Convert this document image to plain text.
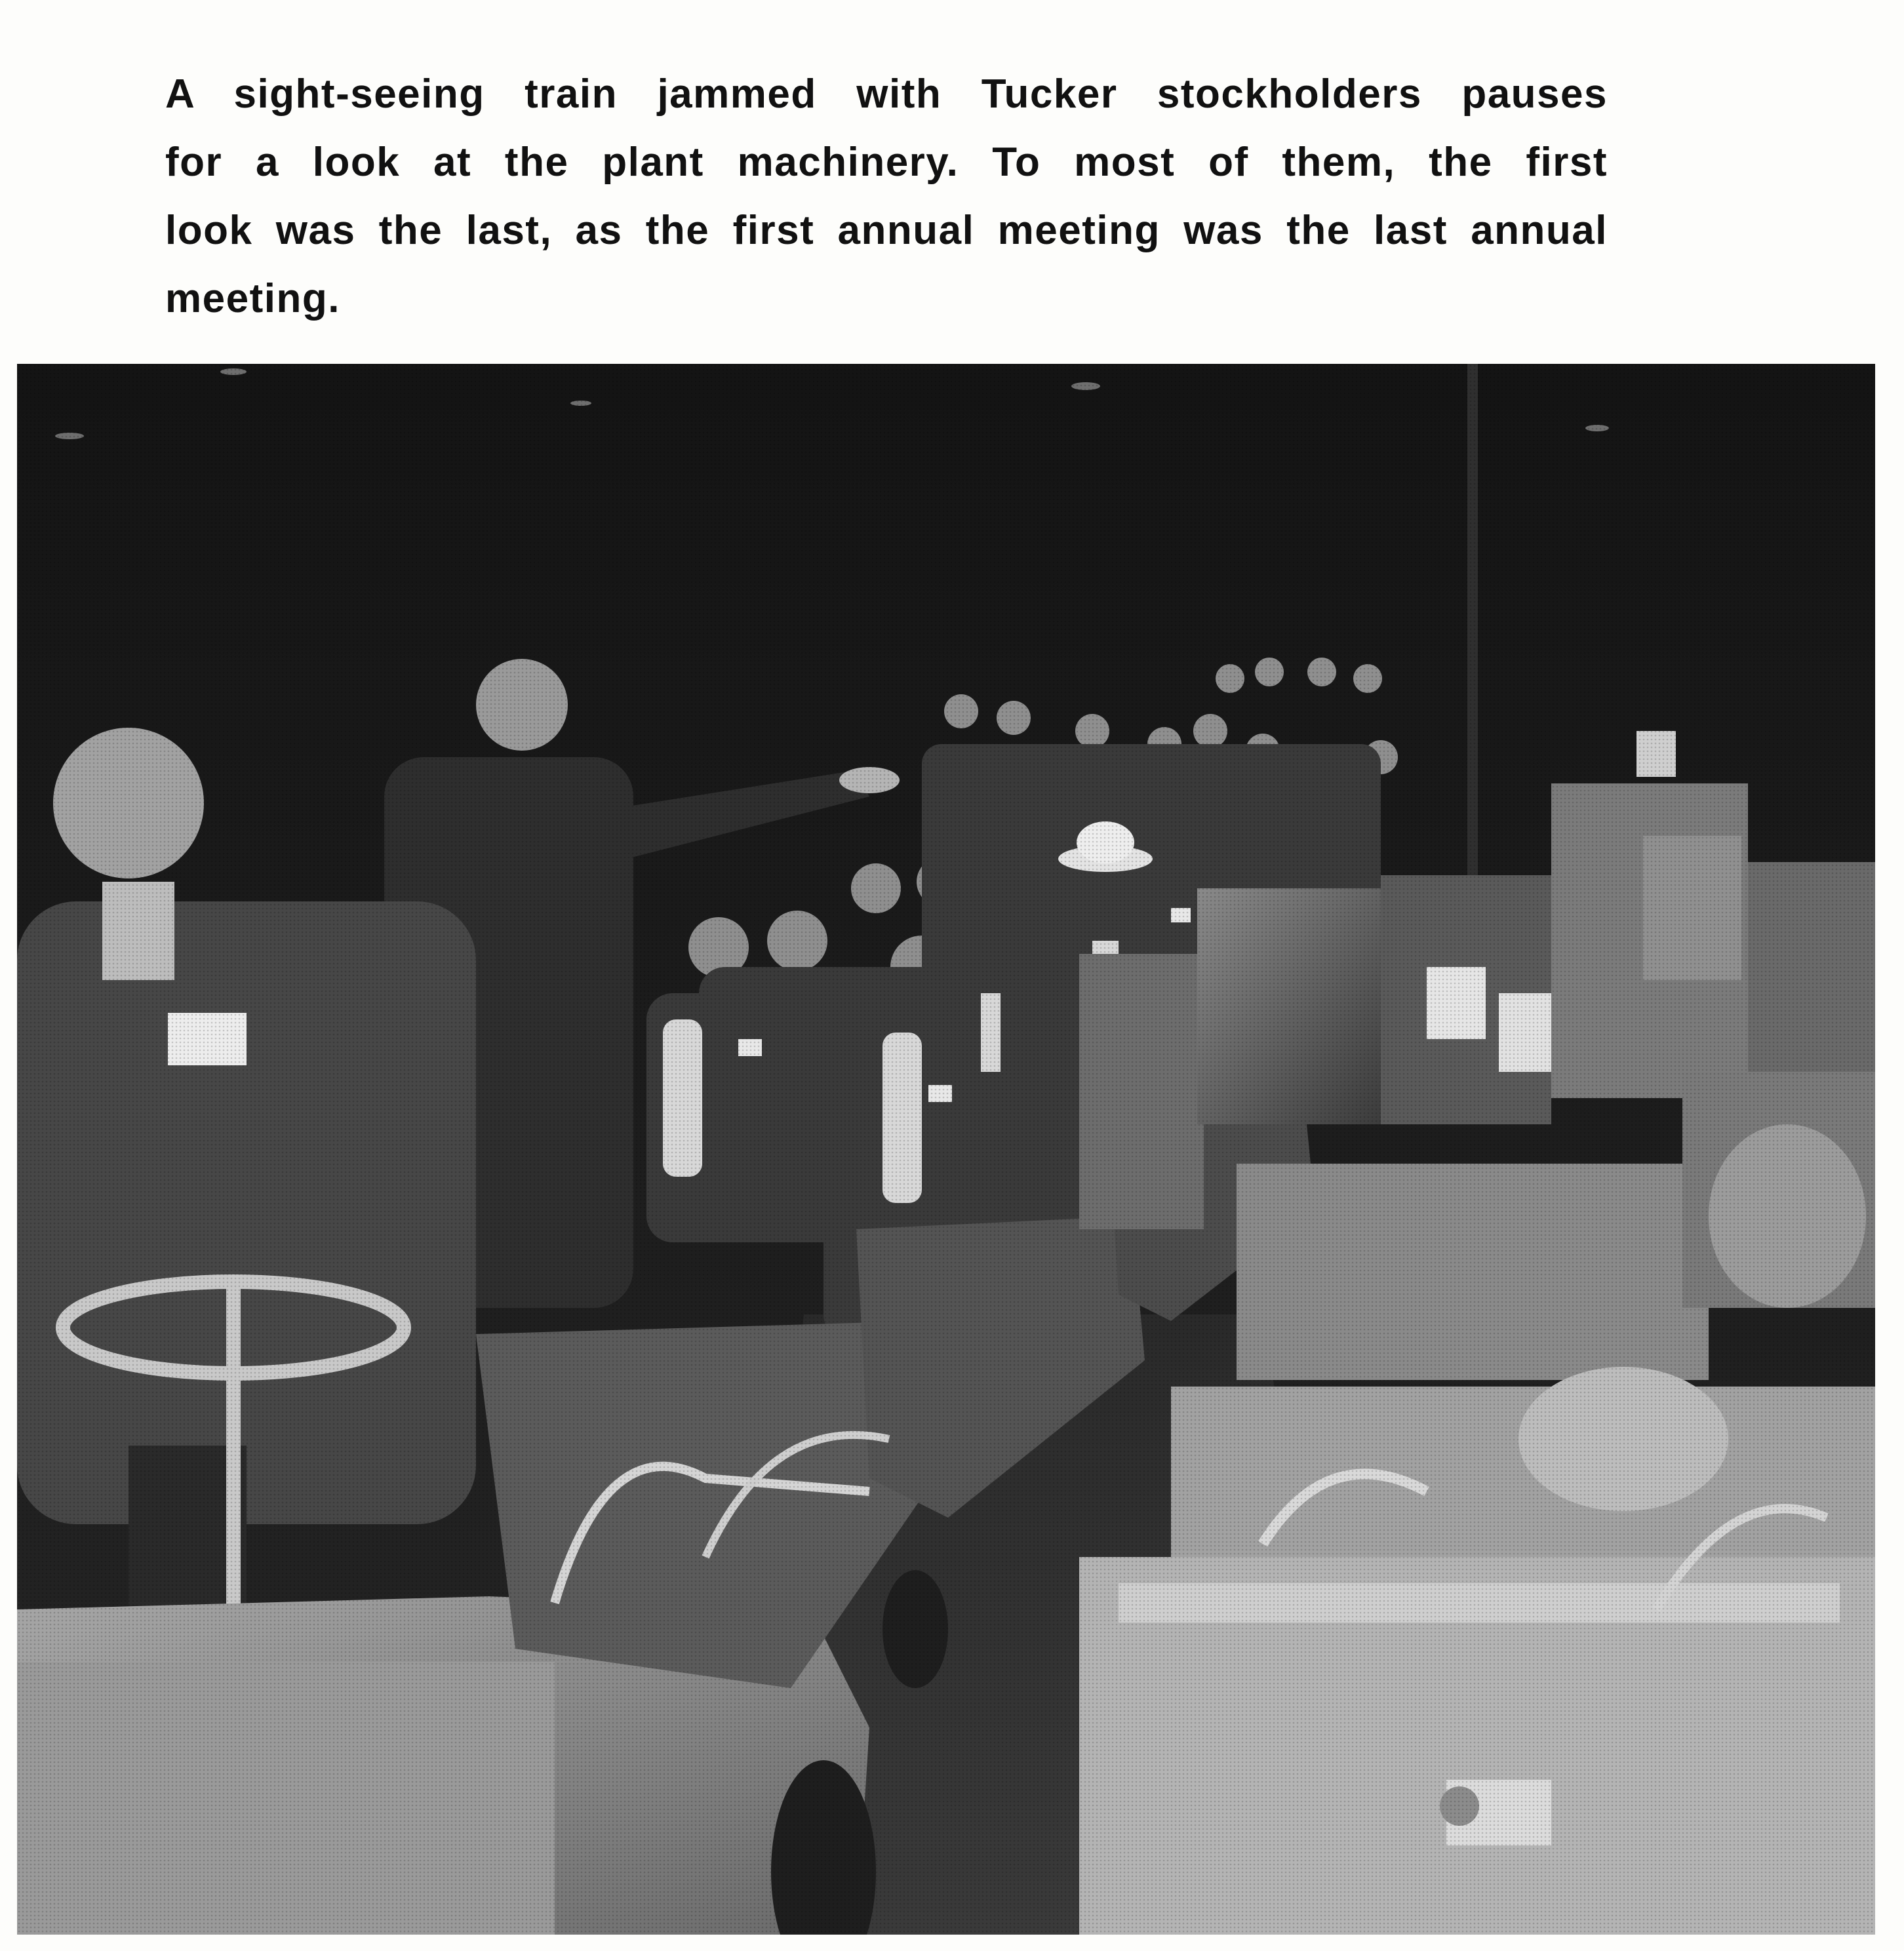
A sight-seeing train jammed with Tucker stockholders pauses
for a look at the plant machinery. To most of them, the first
look was the last, as the first annual meeting was the last annual
meeting.
